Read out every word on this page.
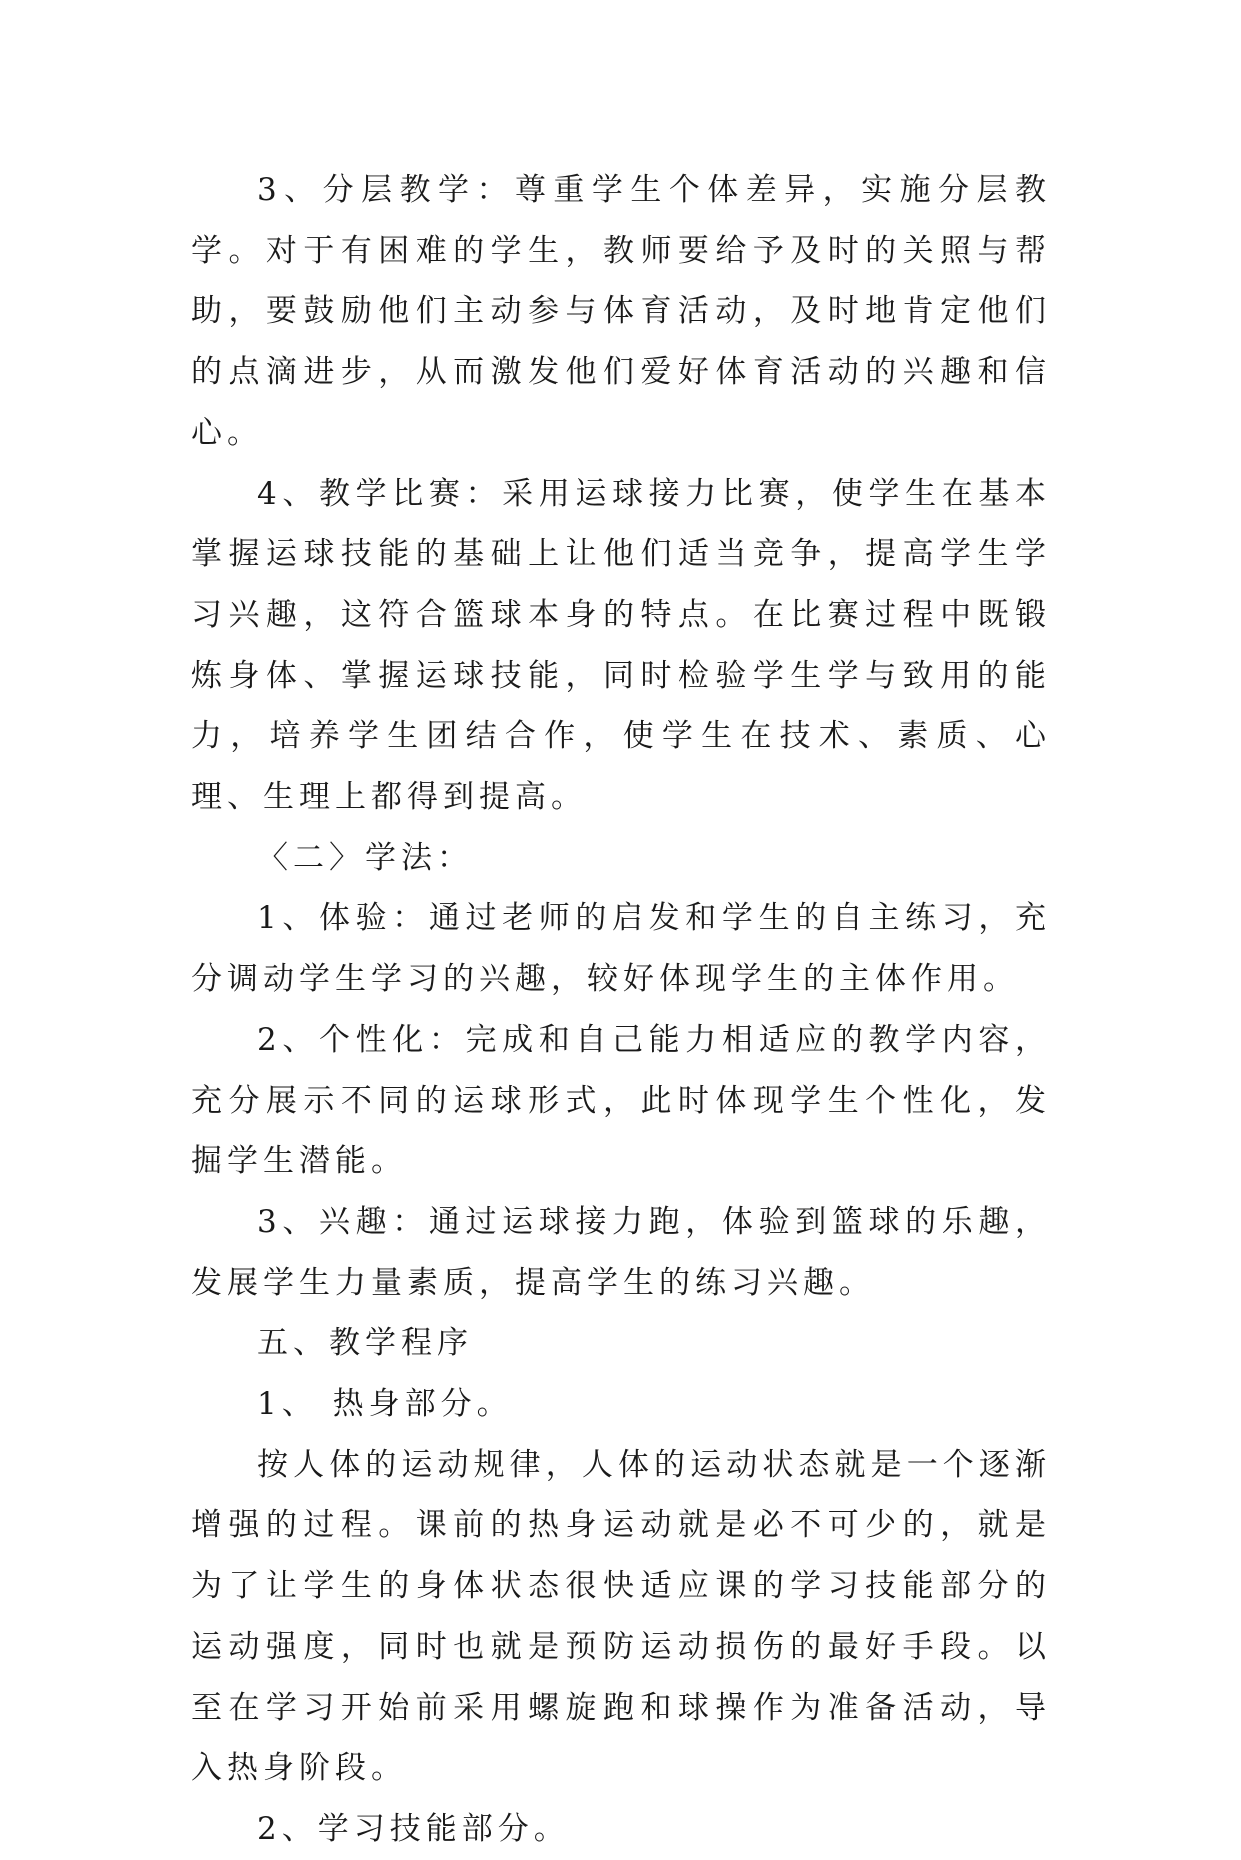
3、分层教学：尊重学生个体差异，实施分层教学。对于有困难的学生，教师要给予及时的关照与帮助，要鼓励他们主动参与体育活动，及时地肯定他们的点滴进步，从而激发他们爱好体育活动的兴趣和信心。

4、教学比赛：采用运球接力比赛，使学生在基本掌握运球技能的基础上让他们适当竞争，提高学生学习兴趣，这符合篮球本身的特点。在比赛过程中既锻炼身体、掌握运球技能，同时检验学生学与致用的能力，培养学生团结合作，使学生在技术、素质、心理、生理上都得到提高。

〈二〉学法：

1、体验：通过老师的启发和学生的自主练习，充分调动学生学习的兴趣，较好体现学生的主体作用。

2、个性化：完成和自己能力相适应的教学内容，充分展示不同的运球形式，此时体现学生个性化，发掘学生潜能。

3、兴趣：通过运球接力跑，体验到篮球的乐趣，发展学生力量素质，提高学生的练习兴趣。

五、教学程序

1、 热身部分。

按人体的运动规律，人体的运动状态就是一个逐渐增强的过程。课前的热身运动就是必不可少的，就是为了让学生的身体状态很快适应课的学习技能部分的运动强度，同时也就是预防运动损伤的最好手段。以至在学习开始前采用螺旋跑和球操作为准备活动，导入热身阶段。

2、学习技能部分。
